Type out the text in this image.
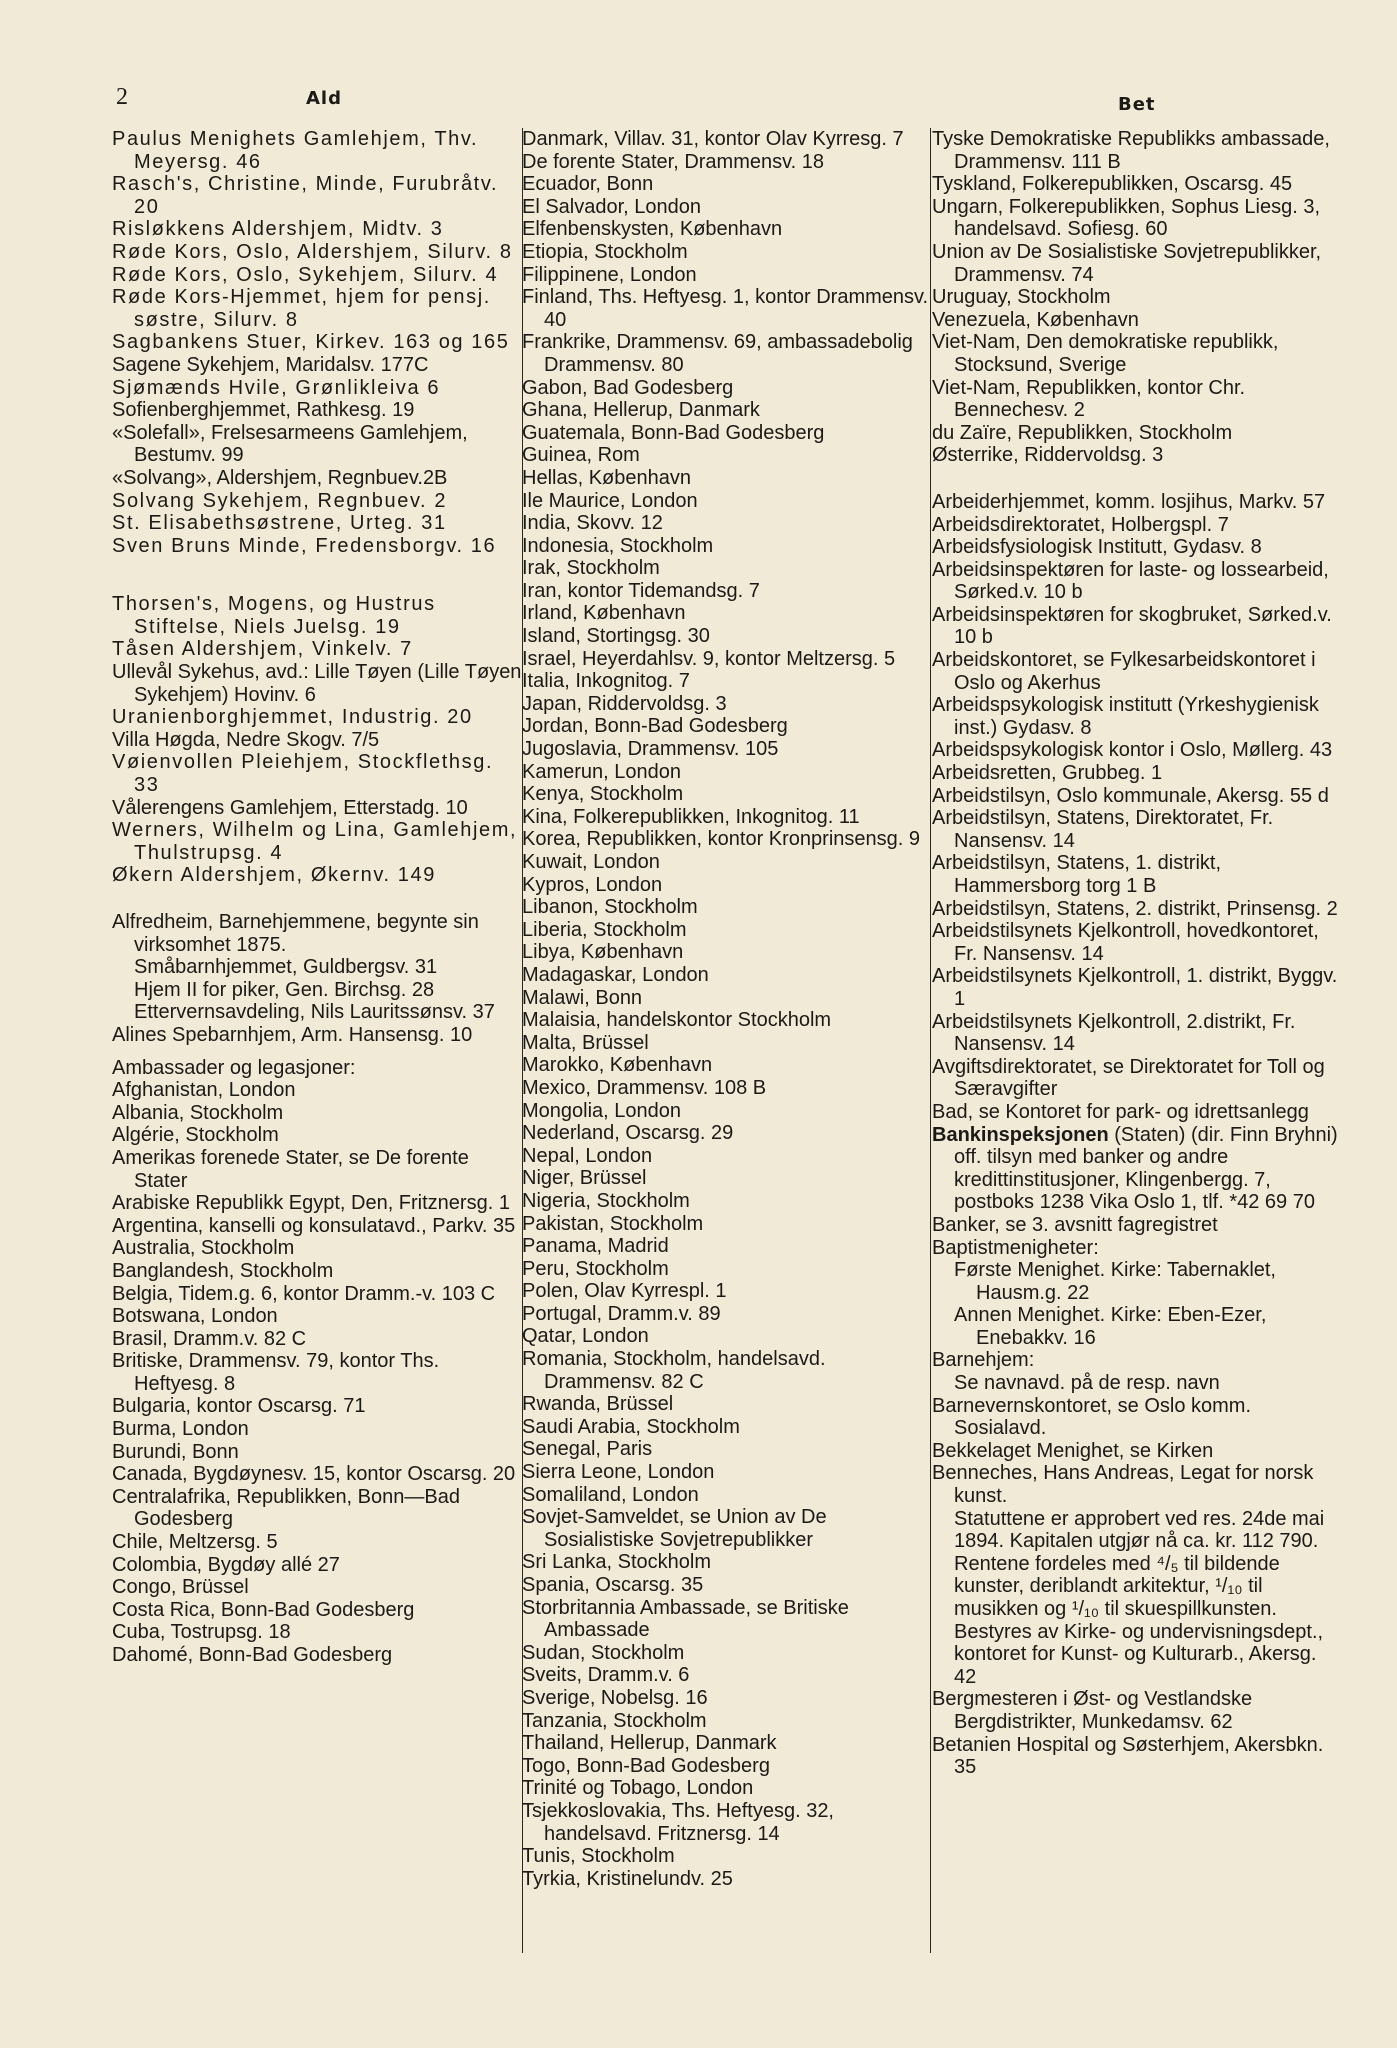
2	Ald	Bet

Paulus Menighets Gamlehjem, Thv. Meyersg. 46

Rasch's, Christine, Minde, Furubråtv. 20

Risløkkens Aldershjem, Midtv. 3

Røde Kors, Oslo, Aldershjem, Silurv. 8

Røde Kors, Oslo, Sykehjem, Silurv. 4

Røde Kors-Hjemmet, hjem for pensj. søstre, Silurv. 8

Sagbankens Stuer, Kirkev. 163 og 165

Sagene Sykehjem, Maridalsv. 177C

Sjømænds Hvile, Grønlikleiva 6

Sofienberghjemmet, Rathkesg. 19

«Solefall», Frelsesarmeens Gamlehjem, Bestumv. 99

«Solvang», Aldershjem, Regnbuev.2B

Solvang Sykehjem, Regnbuev. 2

St. Elisabethsøstrene, Urteg. 31

Sven Bruns Minde, Fredensborgv. 16

Thorsen's, Mogens, og Hustrus Stiftelse, Niels Juelsg. 19

Tåsen Aldershjem, Vinkelv. 7

Ullevål Sykehus, avd.: Lille Tøyen (Lille Tøyen Sykehjem) Hovinv. 6

Uranienborghjemmet, Industrig. 20

Villa Høgda, Nedre Skogv. 7/5

Vøienvollen Pleiehjem, Stockflethsg. 33

Vålerengens Gamlehjem, Etterstadg. 10

Werners, Wilhelm og Lina, Gamlehjem, Thulstrupsg. 4

Økern Aldershjem, Økernv. 149

Alfredheim, Barnehjemmene, begynte sin virksomhet 1875.

Småbarnhjemmet, Guldbergsv. 31

Hjem II for piker, Gen. Birchsg. 28

Ettervernsavdeling, Nils Lauritssønsv. 37

Alines Spebarnhjem, Arm. Hansensg. 10

Ambassader og legasjoner:

Afghanistan, London

Albania, Stockholm

Algérie, Stockholm

Amerikas forenede Stater, se De forente Stater

Arabiske Republikk Egypt, Den, Fritznersg. 1

Argentina, kanselli og konsulatavd., Parkv. 35

Australia, Stockholm

Banglandesh, Stockholm

Belgia, Tidem.g. 6, kontor Dramm.-v. 103 C

Botswana, London

Brasil, Dramm.v. 82 C

Britiske, Drammensv. 79, kontor Ths. Heftyesg. 8

Bulgaria, kontor Oscarsg. 71

Burma, London

Burundi, Bonn

Canada, Bygdøynesv. 15, kontor Oscarsg. 20

Centralafrika, Republikken, Bonn—Bad Godesberg

Chile, Meltzersg. 5

Colombia, Bygdøy allé 27

Congo, Brüssel

Costa Rica, Bonn-Bad Godesberg

Cuba, Tostrupsg. 18

Dahomé, Bonn-Bad Godesberg

Danmark, Villav. 31, kontor Olav Kyrresg. 7

De forente Stater, Drammensv. 18

Ecuador, Bonn

El Salvador, London

Elfenbenskysten, København

Etiopia, Stockholm

Filippinene, London

Finland, Ths. Heftyesg. 1, kontor Drammensv. 40

Frankrike, Drammensv. 69, ambassadebolig Drammensv. 80

Gabon, Bad Godesberg

Ghana, Hellerup, Danmark

Guatemala, Bonn-Bad Godesberg

Guinea, Rom

Hellas, København

Ile Maurice, London

India, Skovv. 12

Indonesia, Stockholm

Irak, Stockholm

Iran, kontor Tidemandsg. 7

Irland, København

Island, Stortingsg. 30

Israel, Heyerdahlsv. 9, kontor Meltzersg. 5

Italia, Inkognitog. 7

Japan, Riddervoldsg. 3

Jordan, Bonn-Bad Godesberg

Jugoslavia, Drammensv. 105

Kamerun, London

Kenya, Stockholm

Kina, Folkerepublikken, Inkognitog. 11

Korea, Republikken, kontor Kronprinsensg. 9

Kuwait, London

Kypros, London

Libanon, Stockholm

Liberia, Stockholm

Libya, København

Madagaskar, London

Malawi, Bonn

Malaisia, handelskontor Stockholm

Malta, Brüssel

Marokko, København

Mexico, Drammensv. 108 B

Mongolia, London

Nederland, Oscarsg. 29

Nepal, London

Niger, Brüssel

Nigeria, Stockholm

Pakistan, Stockholm

Panama, Madrid

Peru, Stockholm

Polen, Olav Kyrrespl. 1

Portugal, Dramm.v. 89

Qatar, London

Romania, Stockholm, handelsavd. Drammensv. 82 C

Rwanda, Brüssel

Saudi Arabia, Stockholm

Senegal, Paris

Sierra Leone, London

Somaliland, London

Sovjet-Samveldet, se Union av De Sosialistiske Sovjetrepublikker

Sri Lanka, Stockholm

Spania, Oscarsg. 35

Storbritannia Ambassade, se Britiske Ambassade

Sudan, Stockholm

Sveits, Dramm.v. 6

Sverige, Nobelsg. 16

Tanzania, Stockholm

Thailand, Hellerup, Danmark

Togo, Bonn-Bad Godesberg

Trinité og Tobago, London

Tsjekkoslovakia, Ths. Heftyesg. 32, handelsavd. Fritznersg. 14

Tunis, Stockholm

Tyrkia, Kristinelundv. 25

Tyske Demokratiske Republikks ambassade, Drammensv. 111 B

Tyskland, Folkerepublikken, Oscarsg. 45

Ungarn, Folkerepublikken, Sophus Liesg. 3, handelsavd. Sofiesg. 60

Union av De Sosialistiske Sovjetrepublikker, Drammensv. 74

Uruguay, Stockholm

Venezuela, København

Viet-Nam, Den demokratiske republikk, Stocksund, Sverige

Viet-Nam, Republikken, kontor Chr. Bennechesv. 2

du Zaïre, Republikken, Stockholm

Østerrike, Riddervoldsg. 3

Arbeiderhjemmet, komm. losjihus, Markv. 57

Arbeidsdirektoratet, Holbergspl. 7

Arbeidsfysiologisk Institutt, Gydasv. 8

Arbeidsinspektøren for laste- og lossearbeid, Sørked.v. 10 b

Arbeidsinspektøren for skogbruket, Sørked.v. 10 b

Arbeidskontoret, se Fylkesarbeidskontoret i Oslo og Akerhus

Arbeidspsykologisk institutt (Yrkeshygienisk inst.) Gydasv. 8

Arbeidspsykologisk kontor i Oslo, Møllerg. 43

Arbeidsretten, Grubbeg. 1

Arbeidstilsyn, Oslo kommunale, Akersg. 55 d

Arbeidstilsyn, Statens, Direktoratet, Fr. Nansensv. 14

Arbeidstilsyn, Statens, 1. distrikt, Hammersborg torg 1 B

Arbeidstilsyn, Statens, 2. distrikt, Prinsensg. 2

Arbeidstilsynets Kjelkontroll, hovedkontoret, Fr. Nansensv. 14

Arbeidstilsynets Kjelkontroll, 1. distrikt, Byggv. 1

Arbeidstilsynets Kjelkontroll, 2.distrikt, Fr. Nansensv. 14

Avgiftsdirektoratet, se Direktoratet for Toll og Særavgifter

Bad, se Kontoret for park- og idrettsanlegg

Bankinspeksjonen (Staten) (dir. Finn Bryhni) off. tilsyn med banker og andre kredittinstitusjoner, Klingenbergg. 7, postboks 1238 Vika Oslo 1, tlf. *42 69 70

Banker, se 3. avsnitt fagregistret

Baptistmenigheter:

Første Menighet. Kirke: Tabernaklet, Hausm.g. 22

Annen Menighet. Kirke: Eben-Ezer, Enebakkv. 16

Barnehjem:

Se navnavd. på de resp. navn

Barnevernskontoret, se Oslo komm. Sosialavd.

Bekkelaget Menighet, se Kirken

Benneches, Hans Andreas, Legat for norsk kunst.

Statuttene er approbert ved res. 24de mai 1894. Kapitalen utgjør nå ca. kr. 112 790. Rentene fordeles med ⁴/₅ til bildende kunster, deriblandt arkitektur, ¹/₁₀ til musikken og ¹/₁₀ til skuespillkunsten.

Bestyres av Kirke- og undervisningsdept., kontoret for Kunst- og Kulturarb., Akersg. 42

Bergmesteren i Øst- og Vestlandske Bergdistrikter, Munkedamsv. 62

Betanien Hospital og Søsterhjem, Akersbkn. 35
